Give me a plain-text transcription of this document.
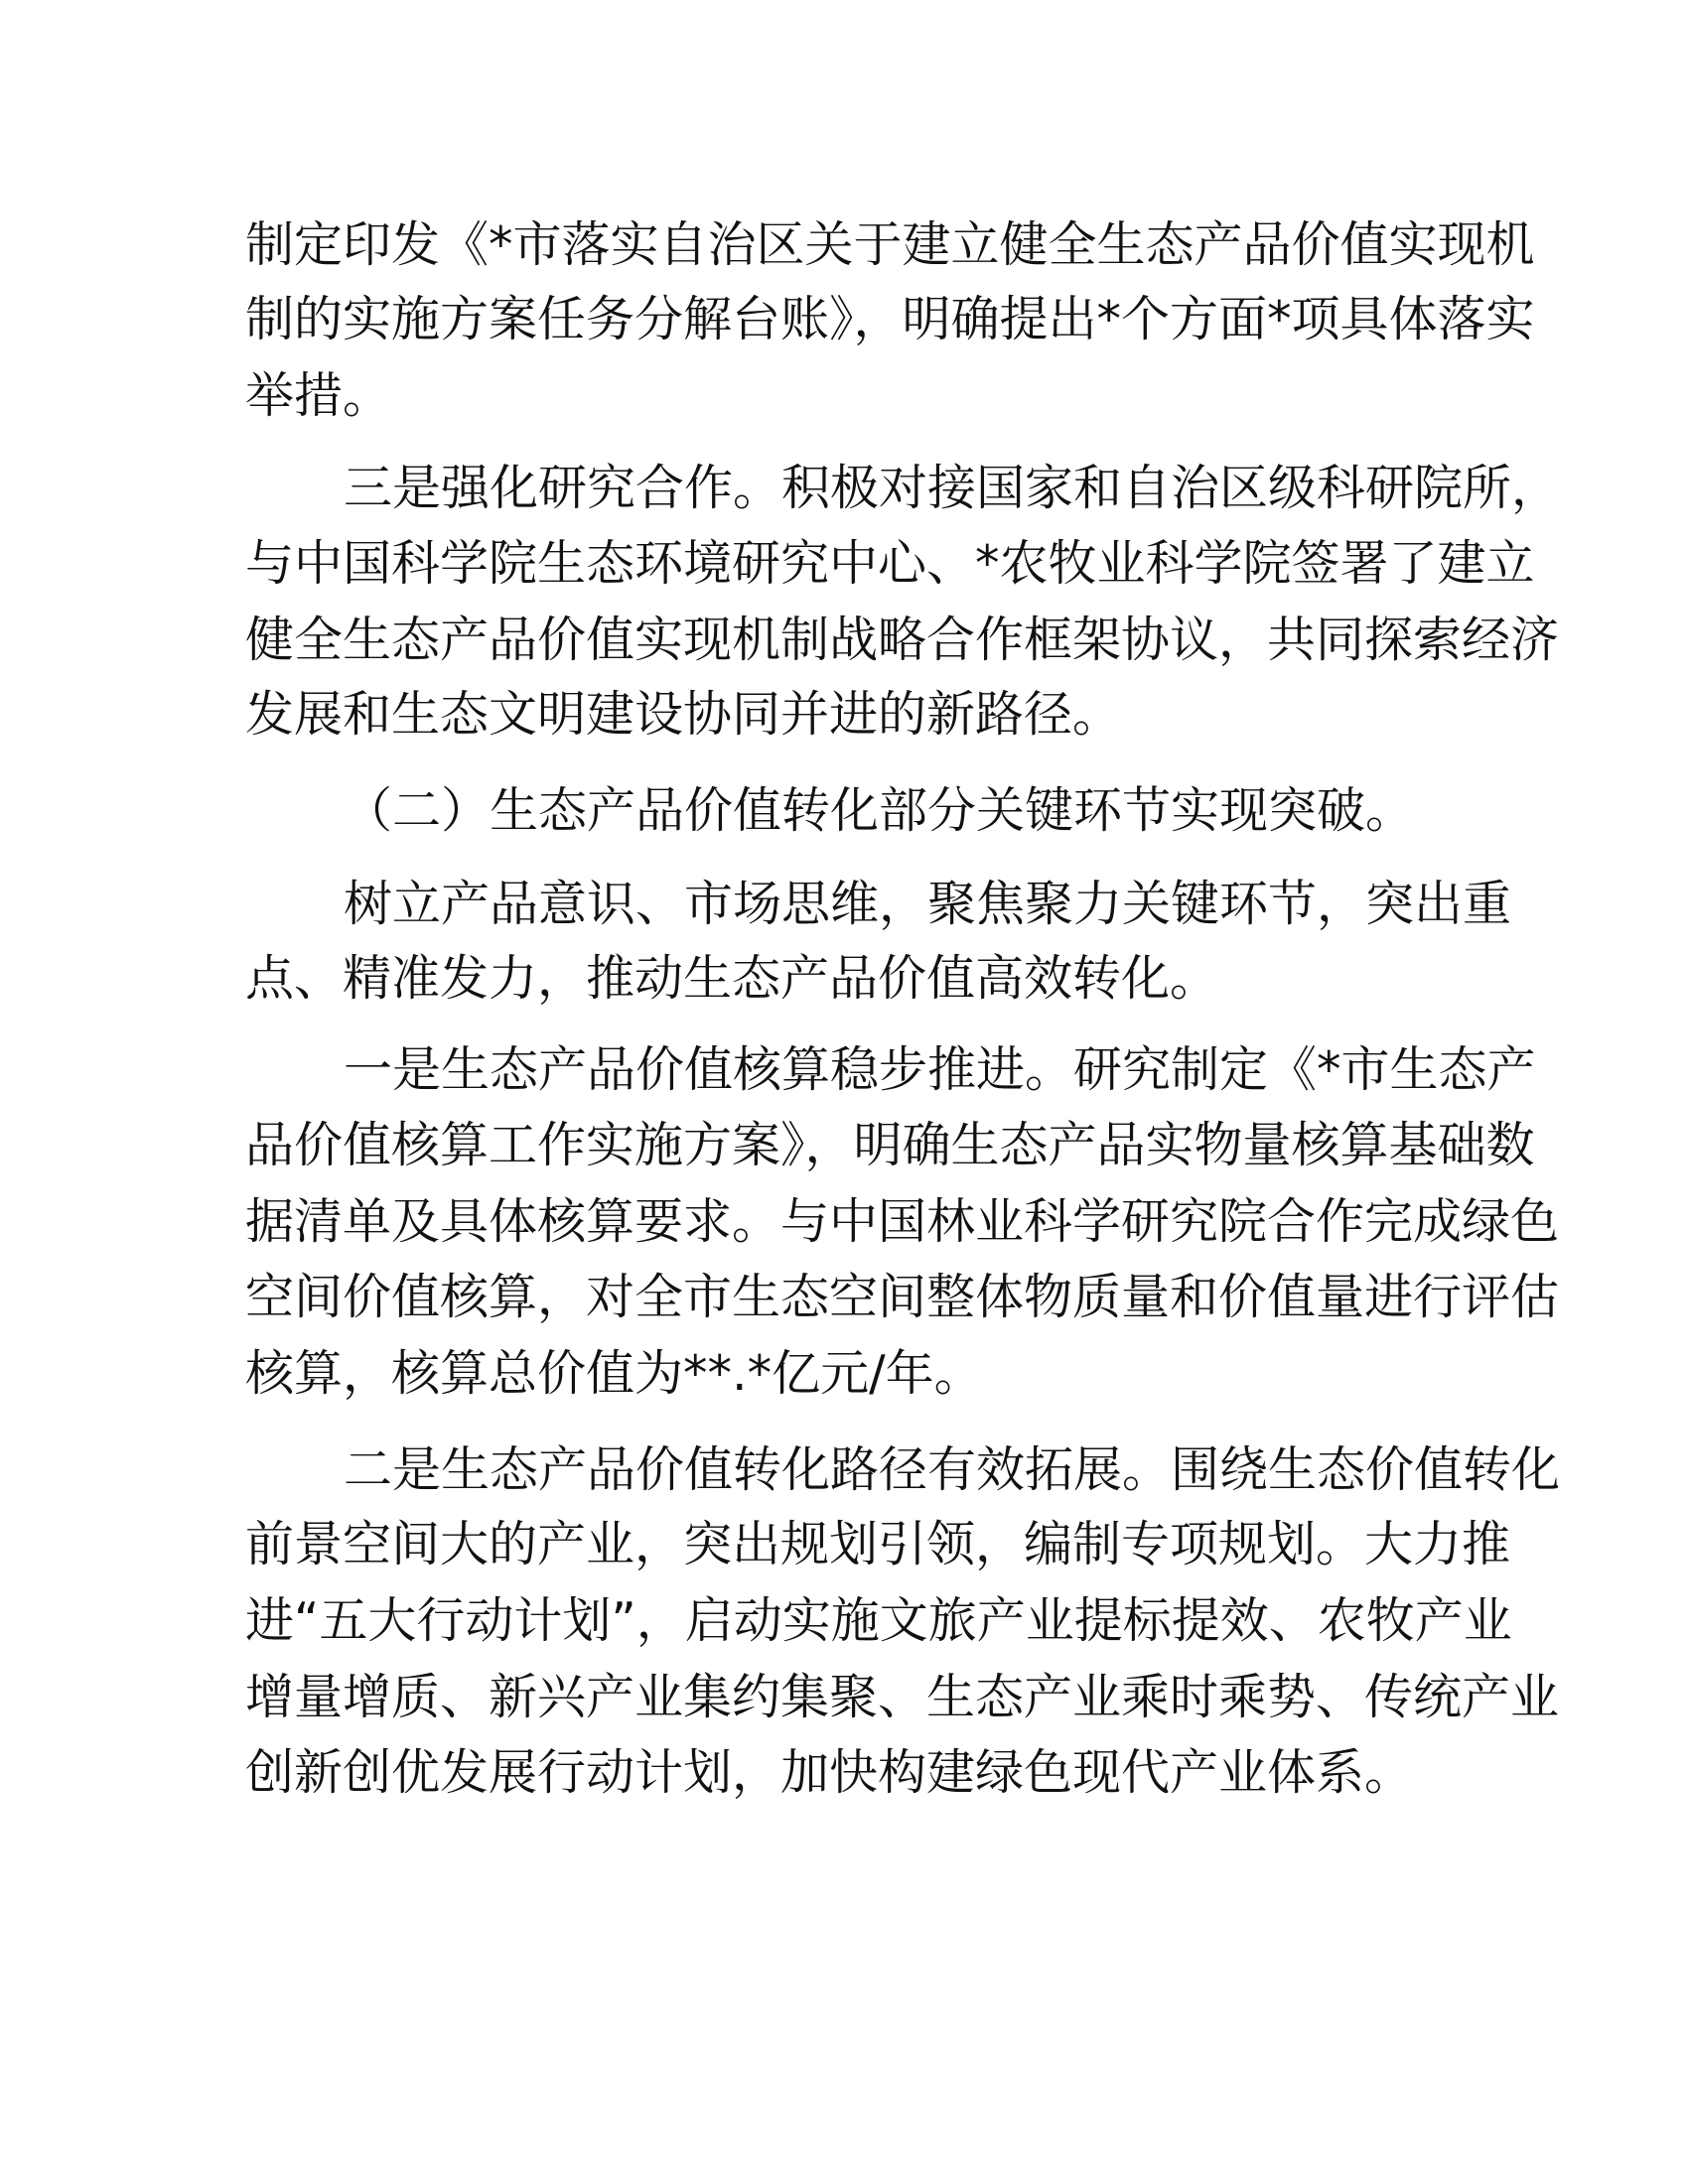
制定印发《*市落实自治区关于建立健全生态产品价值实现机
制的实施方案任务分解台账》，明确提出*个方面*项具体落实
举措。
三是强化研究合作。积极对接国家和自治区级科研院所，
与中国科学院生态环境研究中心、*农牧业科学院签署了建立
健全生态产品价值实现机制战略合作框架协议，共同探索经济
发展和生态文明建设协同并进的新路径。
（二）生态产品价值转化部分关键环节实现突破。
树立产品意识、市场思维，聚焦聚力关键环节，突出重
点、精准发力，推动生态产品价值高效转化。
一是生态产品价值核算稳步推进。研究制定《*市生态产
品价值核算工作实施方案》，明确生态产品实物量核算基础数
据清单及具体核算要求。与中国林业科学研究院合作完成绿色
空间价值核算，对全市生态空间整体物质量和价值量进行评估
核算，核算总价值为**.*亿元/年。
二是生态产品价值转化路径有效拓展。围绕生态价值转化
前景空间大的产业，突出规划引领，编制专项规划。大力推
进“五大行动计划”，启动实施文旅产业提标提效、农牧产业
增量增质、新兴产业集约集聚、生态产业乘时乘势、传统产业
创新创优发展行动计划，加快构建绿色现代产业体系。
